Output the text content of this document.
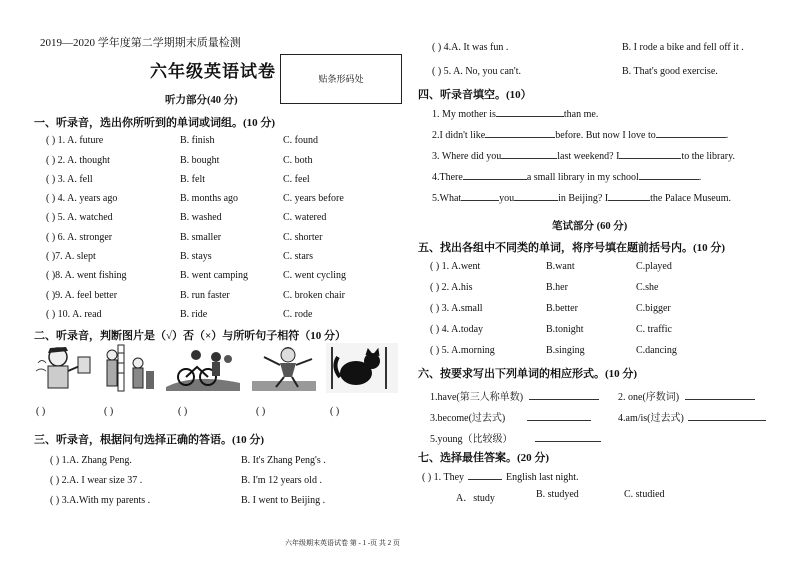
2019—2020 学年度第二学期期末质量检测
六年级英语试卷	贴条形码处
听力部分(40 分)
一、听录音，选出你所听到的单词或词组。(10 分)
( ) 1. A. future	B. finish	C. found
( ) 2. A. thought	B. bought	C. both
( ) 3. A. fell	B. felt	C. feel
( ) 4. A. years ago	B. months ago	C. years before
( ) 5. A. watched	B. washed	C. watered
( ) 6. A. stronger	B. smaller	C. shorter
( )7. A. slept	B. stays	C. stars
( )8. A. went fishing	B. went camping	C. went cycling
( )9. A. feel better	B. run faster	C. broken chair
( ) 10. A. read	B. ride	C. rode
二、听录音，判断图片是（√）否（×）与所听句子相符（10 分）
( )	( )	( )	( )	( )
三、听录音，根据问句选择正确的答语。(10 分)
( ) 1.A. Zhang Peng.	B. It's Zhang Peng's .
( ) 2.A. I wear size 37 .	B. I'm 12 years old .
( ) 3.A.With my parents .	B. I went to Beijing .
( ) 4.A. It was fun .	B. I rode a bike and fell off it .
( ) 5. A. No, you can't.	B. That's good exercise.
四、听录音填空。(10）
1. My mother is	than me.
2.I didn't like	before. But now I love to	.
3. Where did you	last weekend? I	to the library.
4.There	a small library in my school	.
5.What	you	in Beijing? I	the Palace Museum.
笔试部分 (60 分)
五、找出各组中不同类的单词，将序号填在题前括号内。(10 分)
( ) 1. A.went	B.want	C.played
( ) 2. A.his	B.her	C.she
( ) 3. A.small	B.better	C.bigger
( ) 4. A.today	B.tonight	C. traffic
( ) 5. A.morning	B.singing	C.dancing
六、按要求写出下列单词的相应形式。(10 分)
1.have(第三人称单数)	2. one(序数词)
3.become(过去式)	4.am/is(过去式)
5.young（比较级）
七、选择最佳答案。(20 分)
( ) 1. They	English last night.
A．study	B. studyed	C. studied
六年级期末英语试卷 第 - 1 -页 共 2 页
